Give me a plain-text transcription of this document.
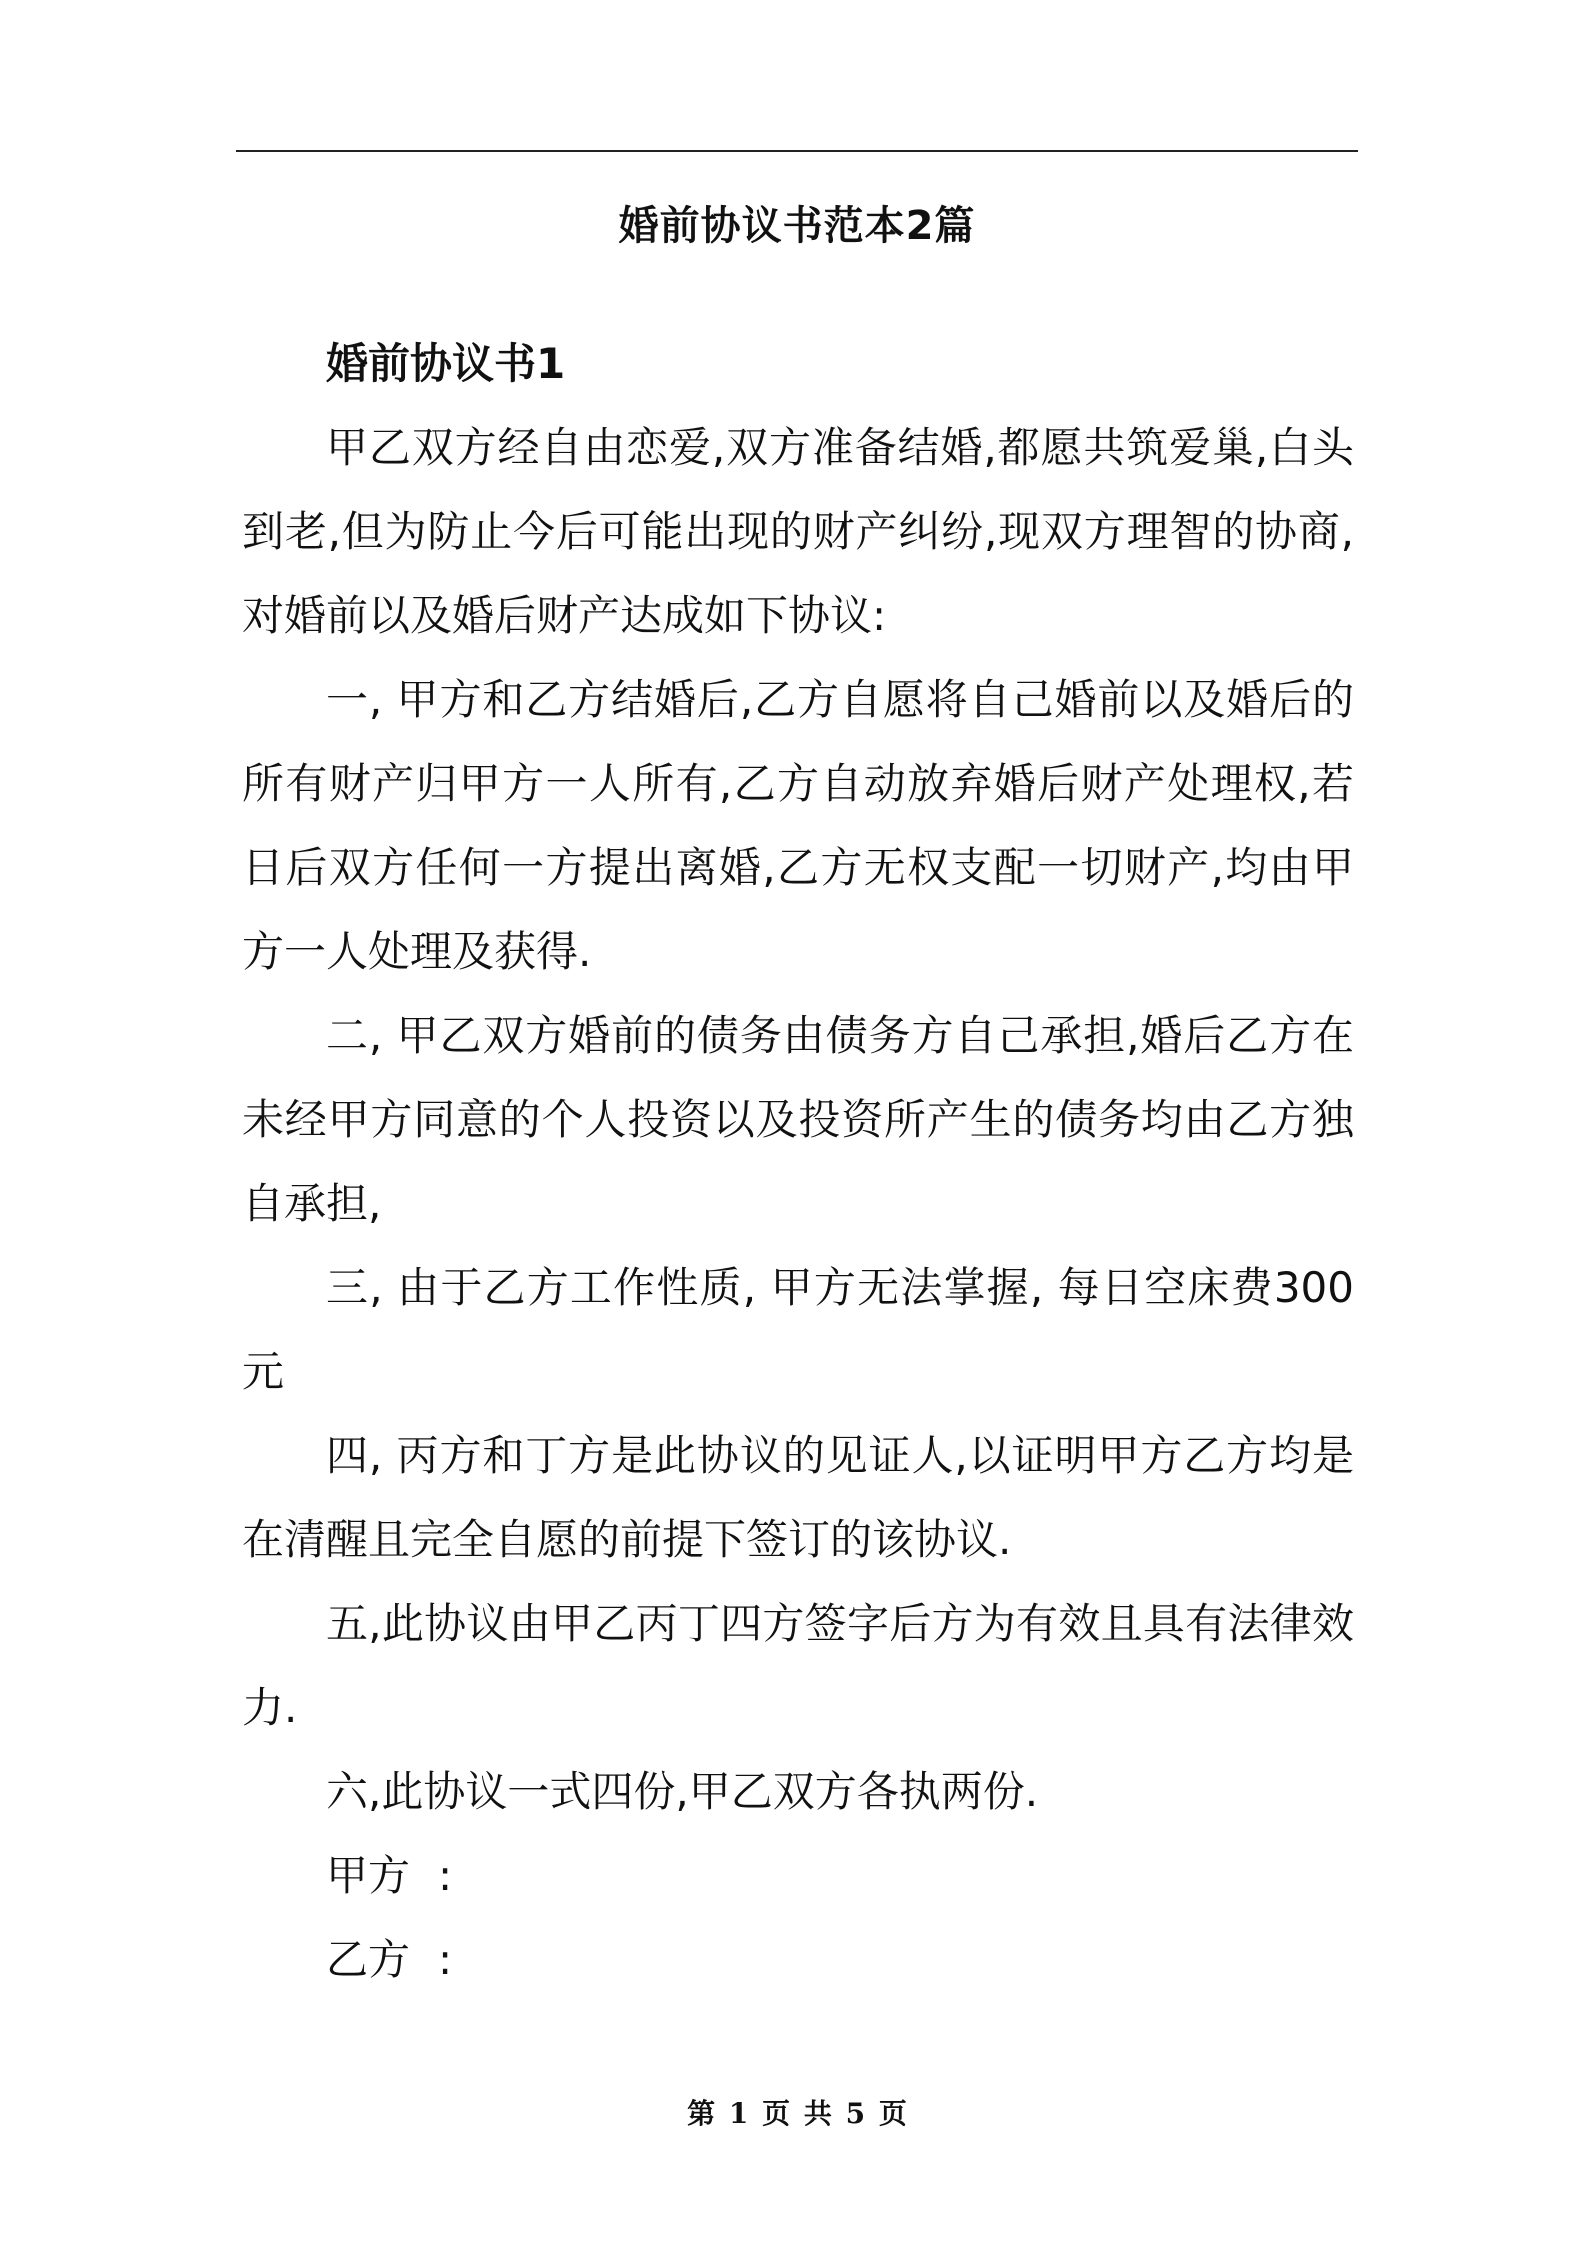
婚前协议书范本2篇

婚前协议书1

甲乙双方经自由恋爱,双方准备结婚,都愿共筑爱巢,白头到老,但为防止今后可能出现的财产纠纷,现双方理智的协商,对婚前以及婚后财产达成如下协议:

一, 甲方和乙方结婚后,乙方自愿将自己婚前以及婚后的所有财产归甲方一人所有,乙方自动放弃婚后财产处理权,若日后双方任何一方提出离婚,乙方无权支配一切财产,均由甲方一人处理及获得.

二, 甲乙双方婚前的债务由债务方自己承担,婚后乙方在未经甲方同意的个人投资以及投资所产生的债务均由乙方独自承担,

三, 由于乙方工作性质, 甲方无法掌握, 每日空床费300元

四, 丙方和丁方是此协议的见证人,以证明甲方乙方均是在清醒且完全自愿的前提下签订的该协议.

五,此协议由甲乙丙丁四方签字后方为有效且具有法律效力.

六,此协议一式四份,甲乙双方各执两份.

甲方 :

乙方 :

第 1 页 共 5 页
